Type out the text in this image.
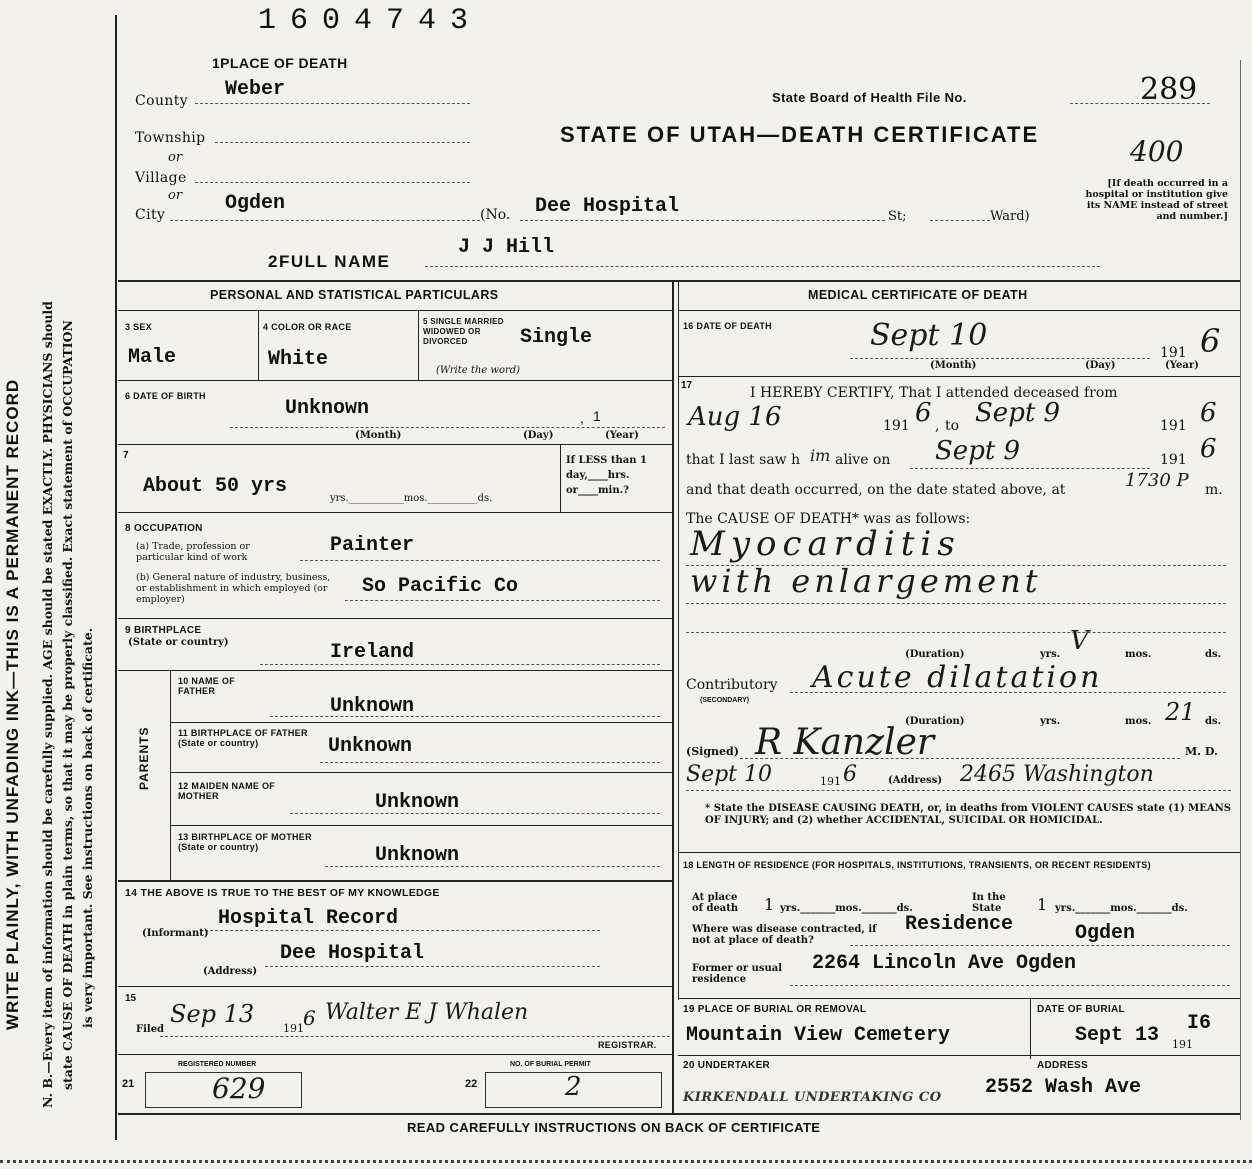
WRITE PLAINLY, WITH UNFADING INK—THIS IS A PERMANENT RECORD N. B.—Every item of information should be carefully supplied. AGE should be stated EXACTLY. PHYSICIANS should state CAUSE OF DEATH in plain terms, so that it may be properly classified. Exact statement of OCCUPATION is very important. See instructions on back of certificate.
1604743
1PLACE OF DEATH
County Weber
Township
or
Village
or
City	Ogden	(No. Dee Hospital	St;	Ward)
State Board of Health File No.	289
STATE OF UTAH—DEATH CERTIFICATE
400
[If death occurred in a hospital or institution give its NAME instead of street and number.]
2FULL NAME
J J Hill
PERSONAL AND STATISTICAL PARTICULARS
3 SEX
Male
4 COLOR OR RACE
White
5 SINGLE MARRIED WIDOWED OR DIVORCED	Single
(Write the word)
6 DATE OF BIRTH
Unknown	, 1
(Month)	(Day)	(Year)
7
About 50 yrs
yrs.___________mos.__________ds.
If LESS than 1 day,____hrs. or____min.?
8 OCCUPATION
(a) Trade, profession or particular kind of work
Painter
(b) General nature of industry, business, or establishment in which employed (or employer)
So Pacific Co
9 BIRTHPLACE
(State or country)	Ireland
PARENTS
10 NAME OF FATHER
Unknown
11 BIRTHPLACE OF FATHER (State or country)	Unknown
12 MAIDEN NAME OF MOTHER	Unknown
13 BIRTHPLACE OF MOTHER (State or country)	Unknown
14 THE ABOVE IS TRUE TO THE BEST OF MY KNOWLEDGE
Hospital Record
(Informant)
Dee Hospital
(Address)
15
Filed
Sep 13
191 6 Walter E J Whalen
REGISTRAR.
REGISTERED NUMBER
21	629
NO. OF BURIAL PERMIT
22	2
MEDICAL CERTIFICATE OF DEATH
16 DATE OF DEATH	Sept 10	191 6
(Month)	(Day)	(Year)
17	I HEREBY CERTIFY, That I attended deceased from
Aug 16	191 6 , to Sept 9	191 6
that I last saw h im alive on Sept 9	191 6
and that death occurred, on the date stated above, at	1730 P m.
The CAUSE OF DEATH* was as follows:
Myocarditis
with enlargement
(Duration)	yrs. V	mos.	ds.
Contributory
(SECONDARY)
Acute dilatation
(Duration)	yrs.	mos. 21 ds.
(Signed) R Kanzler	M. D.
Sept 10	191 6	(Address) 2465 Washington
* State the DISEASE CAUSING DEATH, or, in deaths from VIOLENT CAUSES state (1) MEANS OF INJURY; and (2) whether ACCIDENTAL, SUICIDAL OR HOMICIDAL.
18 LENGTH OF RESIDENCE (FOR HOSPITALS, INSTITUTIONS, TRANSIENTS, OR RECENT RESIDENTS)
At place of death 1 yrs._______mos._______ds.
In the State	1 yrs._______mos._______ds.
Where was disease contracted, if not at place of death?
Residence	Ogden
Former or usual residence
2264 Lincoln Ave Ogden
19 PLACE OF BURIAL OR REMOVAL	DATE OF BURIAL
Mountain View Cemetery	Sept 13 191
I6
20 UNDERTAKER	ADDRESS
KIRKENDALL UNDERTAKING CO 2552 Wash Ave
READ CAREFULLY INSTRUCTIONS ON BACK OF CERTIFICATE
